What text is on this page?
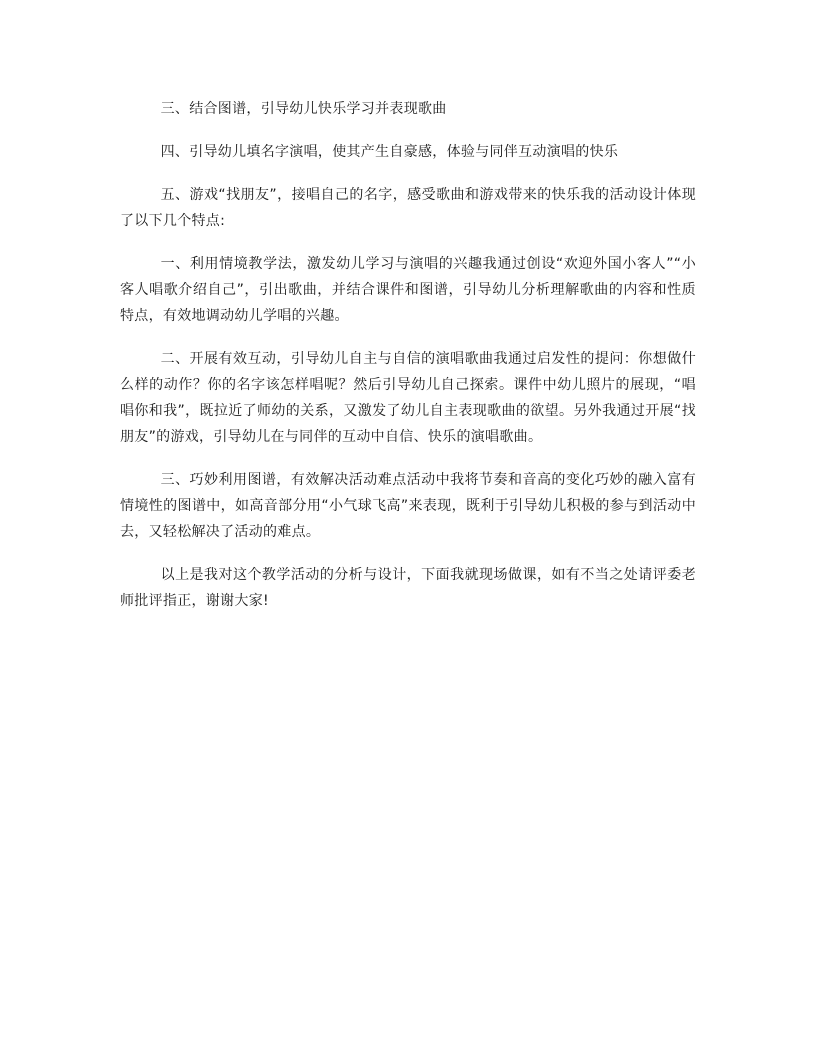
三、结合图谱，引导幼儿快乐学习并表现歌曲

四、引导幼儿填名字演唱，使其产生自豪感，体验与同伴互动演唱的快乐

五、游戏“找朋友”，接唱自己的名字，感受歌曲和游戏带来的快乐我的活动设计体现了以下几个特点:

一、利用情境教学法，激发幼儿学习与演唱的兴趣我通过创设“欢迎外国小客人”“小客人唱歌介绍自己”，引出歌曲，并结合课件和图谱，引导幼儿分析理解歌曲的内容和性质特点，有效地调动幼儿学唱的兴趣。

二、开展有效互动，引导幼儿自主与自信的演唱歌曲我通过启发性的提问：你想做什么样的动作？你的名字该怎样唱呢？然后引导幼儿自己探索。课件中幼儿照片的展现，“唱唱你和我”，既拉近了师幼的关系，又激发了幼儿自主表现歌曲的欲望。另外我通过开展“找朋友”的游戏，引导幼儿在与同伴的互动中自信、快乐的演唱歌曲。

三、巧妙利用图谱，有效解决活动难点活动中我将节奏和音高的变化巧妙的融入富有情境性的图谱中，如高音部分用“小气球飞高”来表现，既利于引导幼儿积极的参与到活动中去，又轻松解决了活动的难点。

以上是我对这个教学活动的分析与设计，下面我就现场做课，如有不当之处请评委老师批评指正，谢谢大家!
